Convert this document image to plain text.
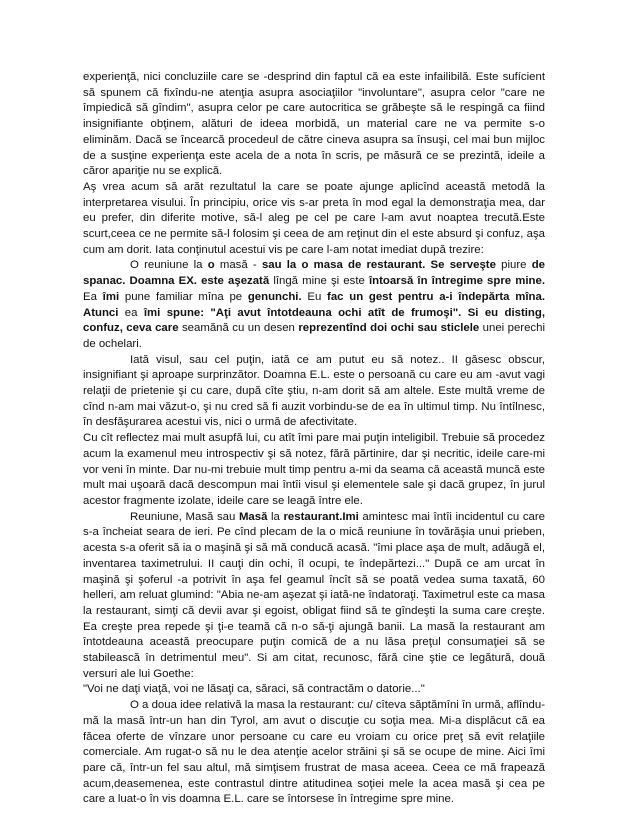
experienţă, nici concluziile care se -desprind din faptul că ea este infailibilă. Este sufícient să spunem că fixîndu-ne atenţia asupra asociaţiilor "involuntare", asupra celor "care ne împiedică să gîndim", asupra celor pe care autocritica se grăbeşte să le respingă ca fiind insignifiante obţinem, alături de ideea morbidă, un material care ne va permite s-o eliminăm. Dacă se încearcă procedeul de către cineva asupra sa însuşi, cel mai bun mijloc de a susţine experienţa este acela de a nota în scris, pe măsură ce se prezintă, ideile a căror apariţie nu se explică.

Aş vrea acum să arăt rezultatul la care se poate ajunge aplicînd această metodă la interpretarea visului. În principiu, orice vis s-ar preta în mod egal la demonstraţia mea, dar eu prefer, din diferite motive, să-l aleg pe cel pe care l-am avut noaptea trecută.Este scurt,ceea ce ne permite să-l folosim şi ceea de am reţinut din el este absurd şi confuz, aşa cum am dorit. Iata conţinutul acestui vis pe care l-am notat imediat după trezire:

O reuniune la o masă - sau la o masa de restaurant. Se serveşte piure de spanac. Doamna EX. este aşezată lîngă mine şi este întoarsă în întregime spre mine. Ea îmi pune familiar mîna pe genunchi. Eu fac un gest pentru a-i îndepărta mîna. Atunci ea îmi spune: "Aţi avut întotdeauna ochi atît de frumoşi". Si eu disting, confuz, ceva care seamănă cu un desen reprezentînd doi ochi sau sticlele unei perechi de ochelari.

Iată visul, sau cel puţin, iată ce am putut eu să notez.. II găsesc obscur, insignifiant şi aproape surprinzător. Doamna E.L. este o persoană cu care eu am -avut vagi relaţii de prietenie şi cu care, după cîte ştiu, n-am dorit să am altele. Este multă vreme de cînd n-am mai văzut-o, şi nu cred să fi auzit vorbindu-se de ea în ultimul timp. Nu întîlnesc, în desfăşurarea acestui vis, nici o urmă de afectivitate.

Cu cît reflectez mai mult asupfă lui, cu atît îmi pare mai puţin inteligibil. Trebuie să procedez acum la examenul meu introspectiv şi să notez, fără părtinire, dar şi necritic, ideile care-mi vor veni în minte. Dar nu-mi trebuie mult timp pentru a-mi da seama că această muncă este mult mai uşoară dacă descompun mai întîi visul şi elementele sale şi dacă grupez, în jurul acestor fragmente izolate, ideile care se leagă între ele.

Reuniune, Masă sau Masă la restaurant.Imi amintesc mai întîi incidentul cu care s-a încheiat seara de ieri. Pe cînd plecam de la o mică reuniune în tovărăşia unui prieben, acesta s-a oferit să ia o maşină şi să mă conducă acasă. "îmi place aşa de mult, adăugă el, inventarea taximetrului. II cauţi din ochi, îl ocupi, te îndepărtezi..." După ce am urcat în maşină şi şoferul -a potrivit în aşa fel geamul încît să se poată vedea suma taxată, 60 helleri, am reluat glumind: "Abia ne-am aşezat şi iată-ne îndatoraţi. Taximetrul este ca masa la restaurant, simţi că devii avar şi egoist, obligat fiind să te gîndeşti la suma care creşte. Ea creşte prea repede şi ţi-e teamă că n-o să-ţi ajungă banii. La masă la restaurant am întotdeauna această preocupare puţin comică de a nu lăsa preţul consumaţiei să se stabilească în detrimentul meu". Si am citat, recunosc, fără cine ştie ce legătură, două versuri ale lui Goethe:

"Voi ne daţi viaţă, voi ne lăsaţi ca, săraci, să contractăm o datorie..."

O a doua idee relativă la masa la restaurant: cu/ cîteva săptămîni în urmă, aflîndu-mă la masă într-un han din Tyrol, am avut o discuţie cu soţia mea. Mi-a displăcut că ea făcea oferte de vînzare unor persoane cu care eu vroiam cu orice preţ să evit relaţiile comerciale. Am rugat-o să nu le dea atenţie acelor străini şi să se ocupe de mine. Aici îmi pare că, într-un fel sau altul, mă simţisem frustrat de masa aceea. Ceea ce mă frapează acum,deasemenea, este contrastul dintre atitudinea soţiei mele la acea masă şi cea pe care a luat-o în vis doamna E.L. care se întorsese în întregime spre mine.
